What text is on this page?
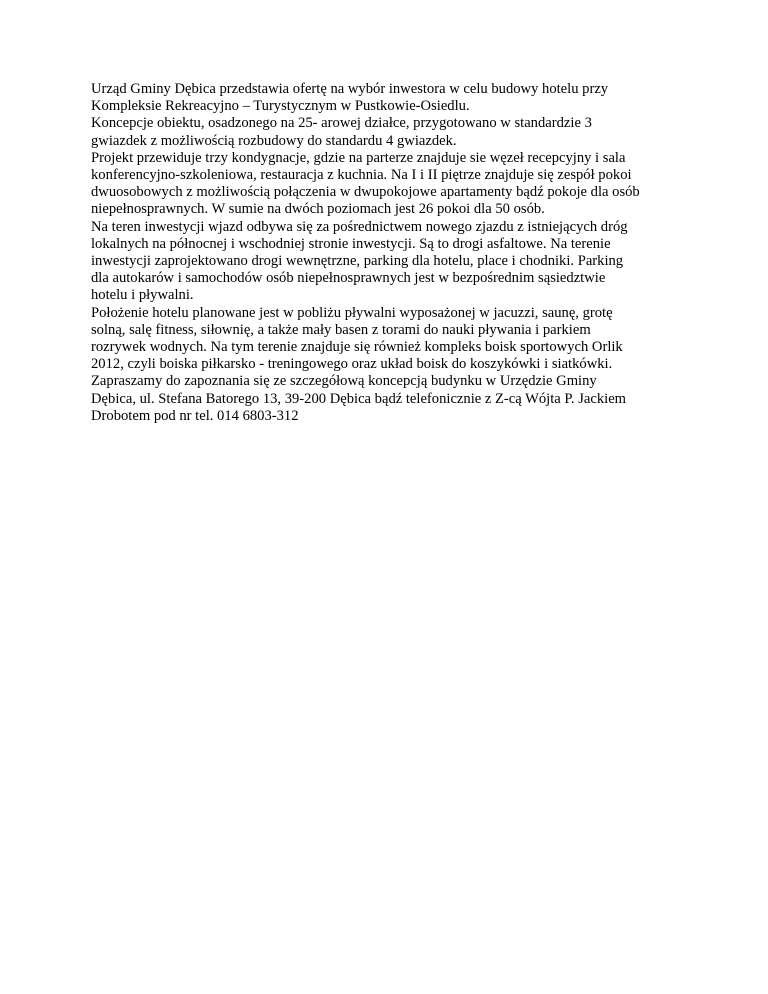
Urząd Gminy Dębica przedstawia ofertę na wybór inwestora w celu budowy hotelu przy
Kompleksie Rekreacyjno – Turystycznym w Pustkowie-Osiedlu.
Koncepcje obiektu, osadzonego na 25- arowej działce, przygotowano w standardzie 3
gwiazdek z możliwością rozbudowy do standardu 4 gwiazdek.
Projekt przewiduje trzy kondygnacje, gdzie na parterze znajduje sie węzeł recepcyjny i sala
konferencyjno-szkoleniowa, restauracja z kuchnia. Na I i II piętrze znajduje się zespół pokoi
dwuosobowych z możliwością połączenia w dwupokojowe apartamenty bądź pokoje dla osób
niepełnosprawnych. W sumie na dwóch poziomach jest 26 pokoi dla 50 osób.
Na teren inwestycji wjazd odbywa się za pośrednictwem nowego zjazdu z istniejących dróg
lokalnych na północnej i wschodniej stronie inwestycji. Są to drogi asfaltowe. Na terenie
inwestycji zaprojektowano drogi wewnętrzne, parking dla hotelu, place i chodniki. Parking
dla autokarów i samochodów osób niepełnosprawnych jest w bezpośrednim sąsiedztwie
hotelu i pływalni.
Położenie hotelu planowane jest w pobliżu pływalni wyposażonej w jacuzzi, saunę, grotę
solną, salę fitness, siłownię, a także mały basen z torami do nauki pływania i parkiem
rozrywek wodnych. Na tym terenie znajduje się również kompleks boisk sportowych Orlik
2012, czyli boiska piłkarsko - treningowego oraz układ boisk do koszykówki i siatkówki.
Zapraszamy do zapoznania się ze szczegółową koncepcją budynku w Urzędzie Gminy
Dębica, ul. Stefana Batorego 13, 39-200 Dębica bądź telefonicznie z Z-cą Wójta P. Jackiem
Drobotem pod nr tel. 014 6803-312
